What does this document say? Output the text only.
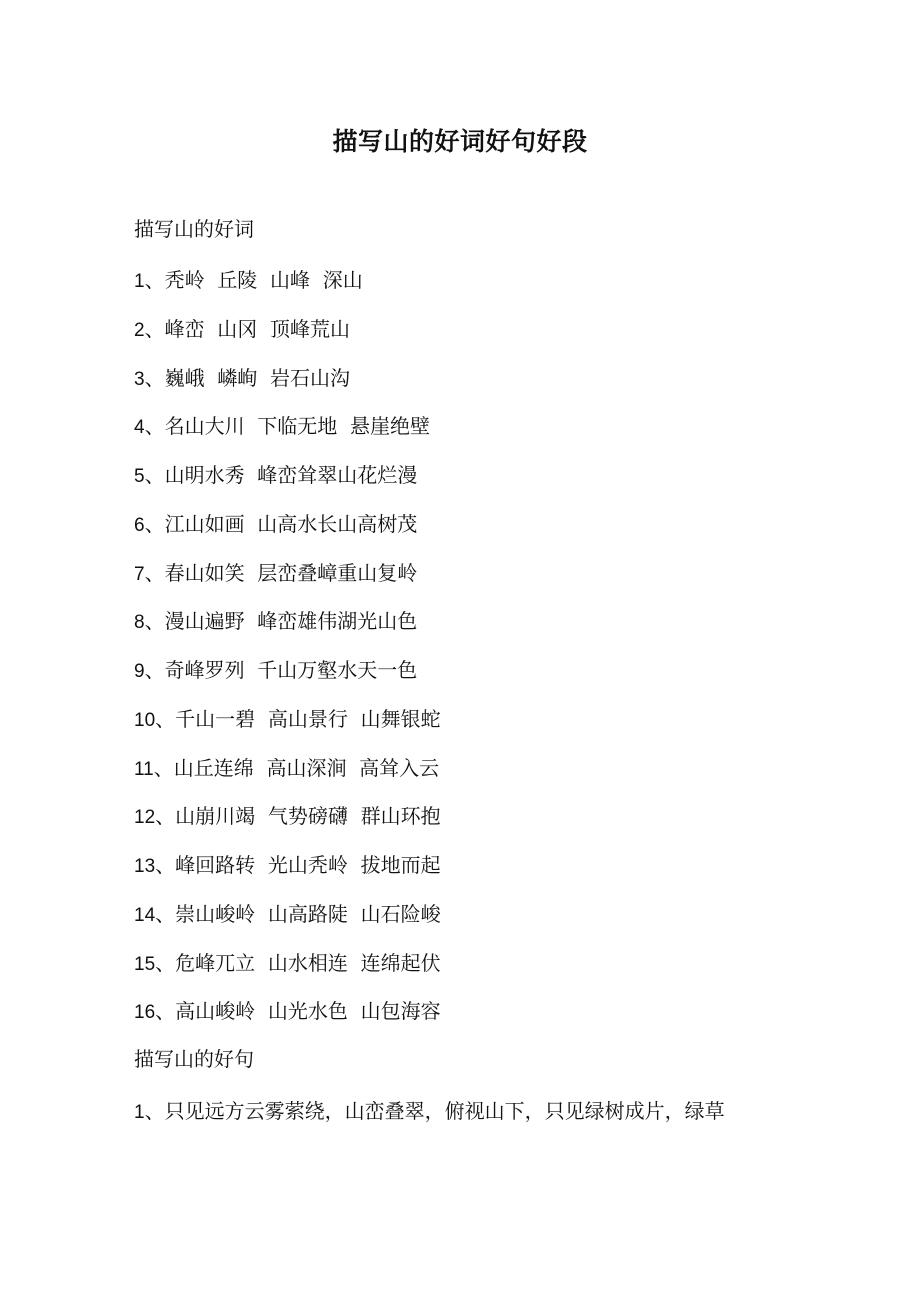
描写山的好词好句好段
描写山的好词
1、秃岭  丘陵  山峰  深山
2、峰峦  山冈  顶峰荒山
3、巍峨  嶙峋  岩石山沟
4、名山大川  下临无地  悬崖绝壁
5、山明水秀  峰峦耸翠山花烂漫
6、江山如画  山高水长山高树茂
7、春山如笑  层峦叠嶂重山复岭
8、漫山遍野  峰峦雄伟湖光山色
9、奇峰罗列  千山万壑水天一色
10、千山一碧  高山景行  山舞银蛇
11、山丘连绵  高山深涧  高耸入云
12、山崩川竭  气势磅礴  群山环抱
13、峰回路转  光山秃岭  拔地而起
14、崇山峻岭  山高路陡  山石险峻
15、危峰兀立  山水相连  连绵起伏
16、高山峻岭  山光水色  山包海容
描写山的好句
1、只见远方云雾萦绕，山峦叠翠，俯视山下，只见绿树成片，绿草
